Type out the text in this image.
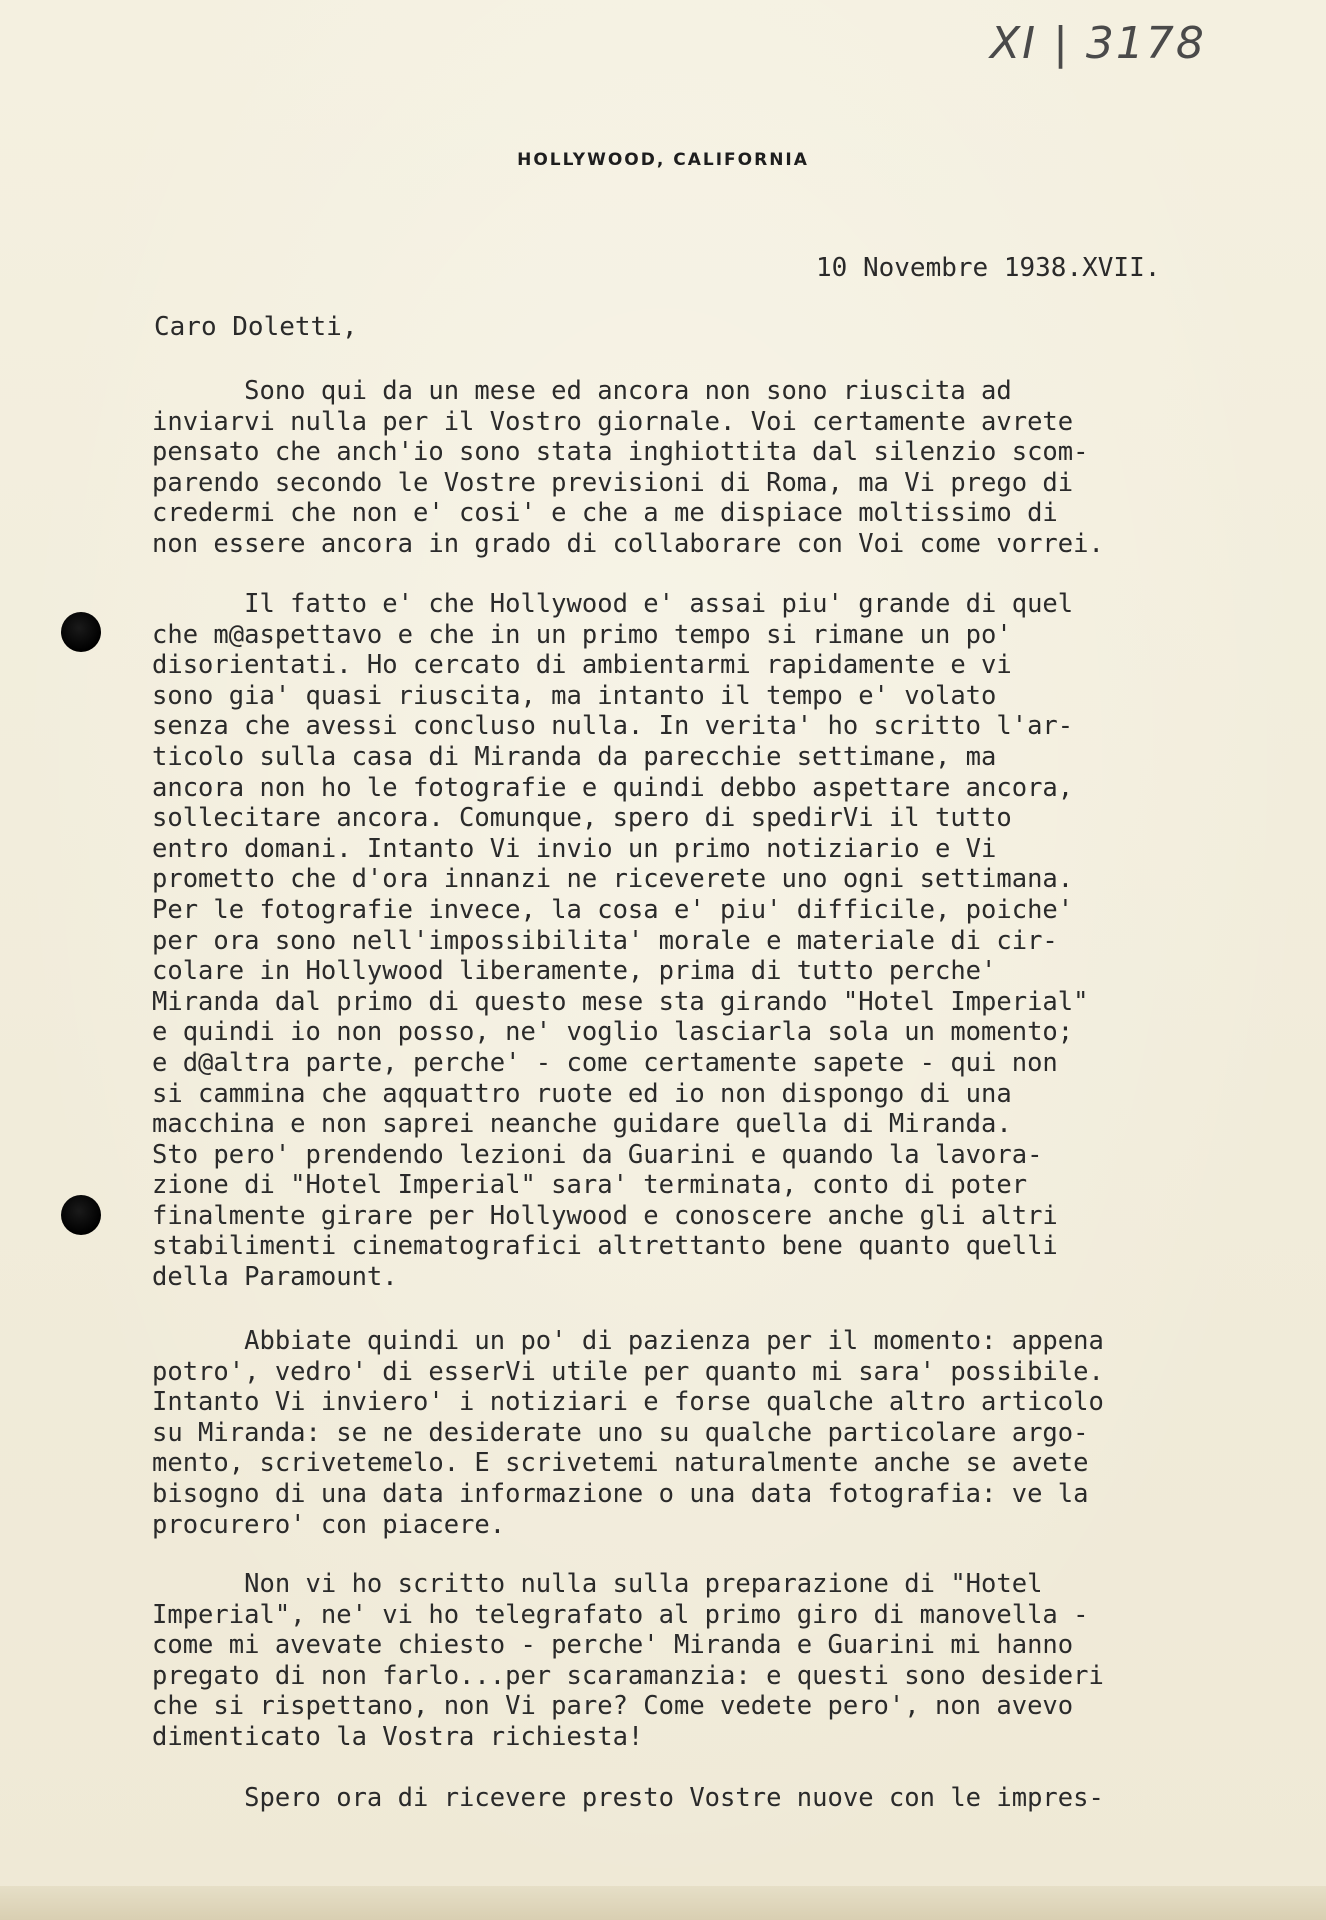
XI | 3178
HOLLYWOOD, CALIFORNIA
10 Novembre 1938.XVII.
Caro Doletti,
Sono qui da un mese ed ancora non sono riuscita ad
inviarvi nulla per il Vostro giornale. Voi certamente avrete
pensato che anch'io sono stata inghiottita dal silenzio scom-
parendo secondo le Vostre previsioni di Roma, ma Vi prego di
credermi che non e' cosi' e che a me dispiace moltissimo di
non essere ancora in grado di collaborare con Voi come vorrei.
Il fatto e' che Hollywood e' assai piu' grande di quel
che m@aspettavo e che in un primo tempo si rimane un po'
disorientati. Ho cercato di ambientarmi rapidamente e vi
sono gia' quasi riuscita, ma intanto il tempo e' volato
senza che avessi concluso nulla. In verita' ho scritto l'ar-
ticolo sulla casa di Miranda da parecchie settimane, ma
ancora non ho le fotografie e quindi debbo aspettare ancora,
sollecitare ancora. Comunque, spero di spedirVi il tutto
entro domani. Intanto Vi invio un primo notiziario e Vi
prometto che d'ora innanzi ne riceverete uno ogni settimana.
Per le fotografie invece, la cosa e' piu' difficile, poiche'
per ora sono nell'impossibilita' morale e materiale di cir-
colare in Hollywood liberamente, prima di tutto perche'
Miranda dal primo di questo mese sta girando "Hotel Imperial"
e quindi io non posso, ne' voglio lasciarla sola un momento;
e d@altra parte, perche' - come certamente sapete - qui non
si cammina che aqquattro ruote ed io non dispongo di una
macchina e non saprei neanche guidare quella di Miranda.
Sto pero' prendendo lezioni da Guarini e quando la lavora-
zione di "Hotel Imperial" sara' terminata, conto di poter
finalmente girare per Hollywood e conoscere anche gli altri
stabilimenti cinematografici altrettanto bene quanto quelli
della Paramount.
Abbiate quindi un po' di pazienza per il momento: appena
potro', vedro' di esserVi utile per quanto mi sara' possibile.
Intanto Vi inviero' i notiziari e forse qualche altro articolo
su Miranda: se ne desiderate uno su qualche particolare argo-
mento, scrivetemelo. E scrivetemi naturalmente anche se avete
bisogno di una data informazione o una data fotografia: ve la
procurero' con piacere.
Non vi ho scritto nulla sulla preparazione di "Hotel
Imperial", ne' vi ho telegrafato al primo giro di manovella -
come mi avevate chiesto - perche' Miranda e Guarini mi hanno
pregato di non farlo...per scaramanzia: e questi sono desideri
che si rispettano, non Vi pare? Come vedete pero', non avevo
dimenticato la Vostra richiesta!
Spero ora di ricevere presto Vostre nuove con le impres-
